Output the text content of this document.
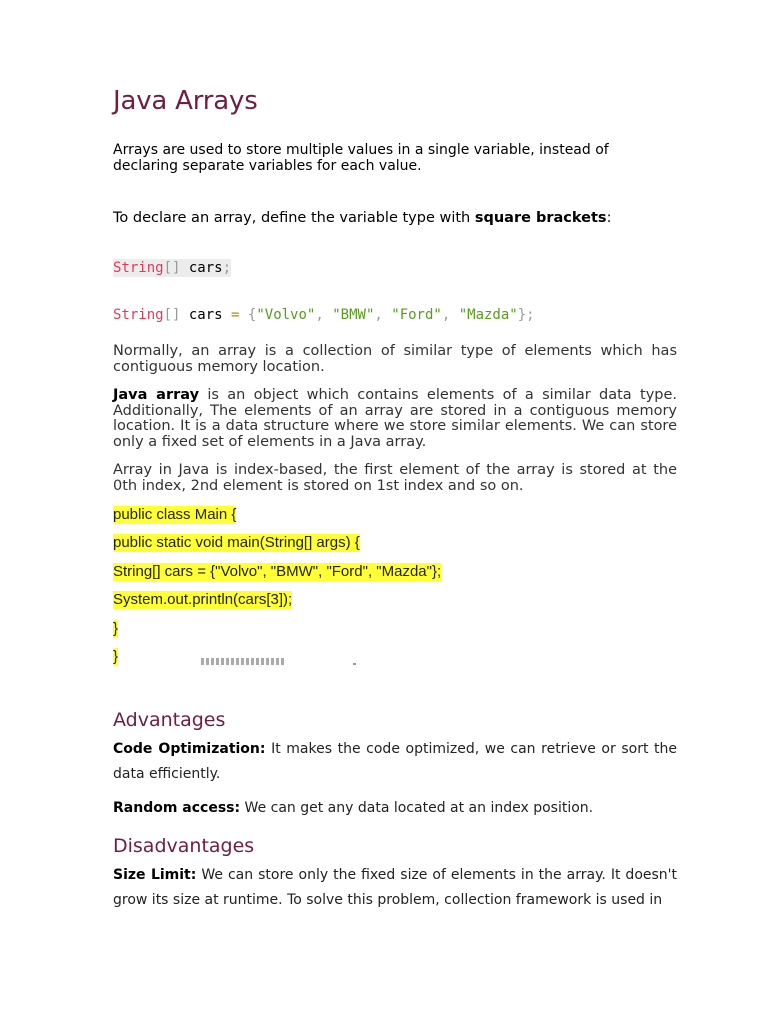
Java Arrays

Arrays are used to store multiple values in a single variable, instead of declaring separate variables for each value.

To declare an array, define the variable type with square brackets:

String[] cars;
String[] cars = {"Volvo", "BMW", "Ford", "Mazda"};

Normally, an array is a collection of similar type of elements which has contiguous memory location.

Java array is an object which contains elements of a similar data type. Additionally, The elements of an array are stored in a contiguous memory location. It is a data structure where we store similar elements. We can store only a fixed set of elements in a Java array.

Array in Java is index-based, the first element of the array is stored at the 0th index, 2nd element is stored on 1st index and so on.

public class Main {
public static void main(String[] args) {
String[] cars = {"Volvo", "BMW", "Ford", "Mazda"};
System.out.println(cars[3]);
}
}
Advantages

Code Optimization: It makes the code optimized, we can retrieve or sort the data efficiently.

Random access: We can get any data located at an index position.

Disadvantages

Size Limit: We can store only the fixed size of elements in the array. It doesn't grow its size at runtime. To solve this problem, collection framework is used in
